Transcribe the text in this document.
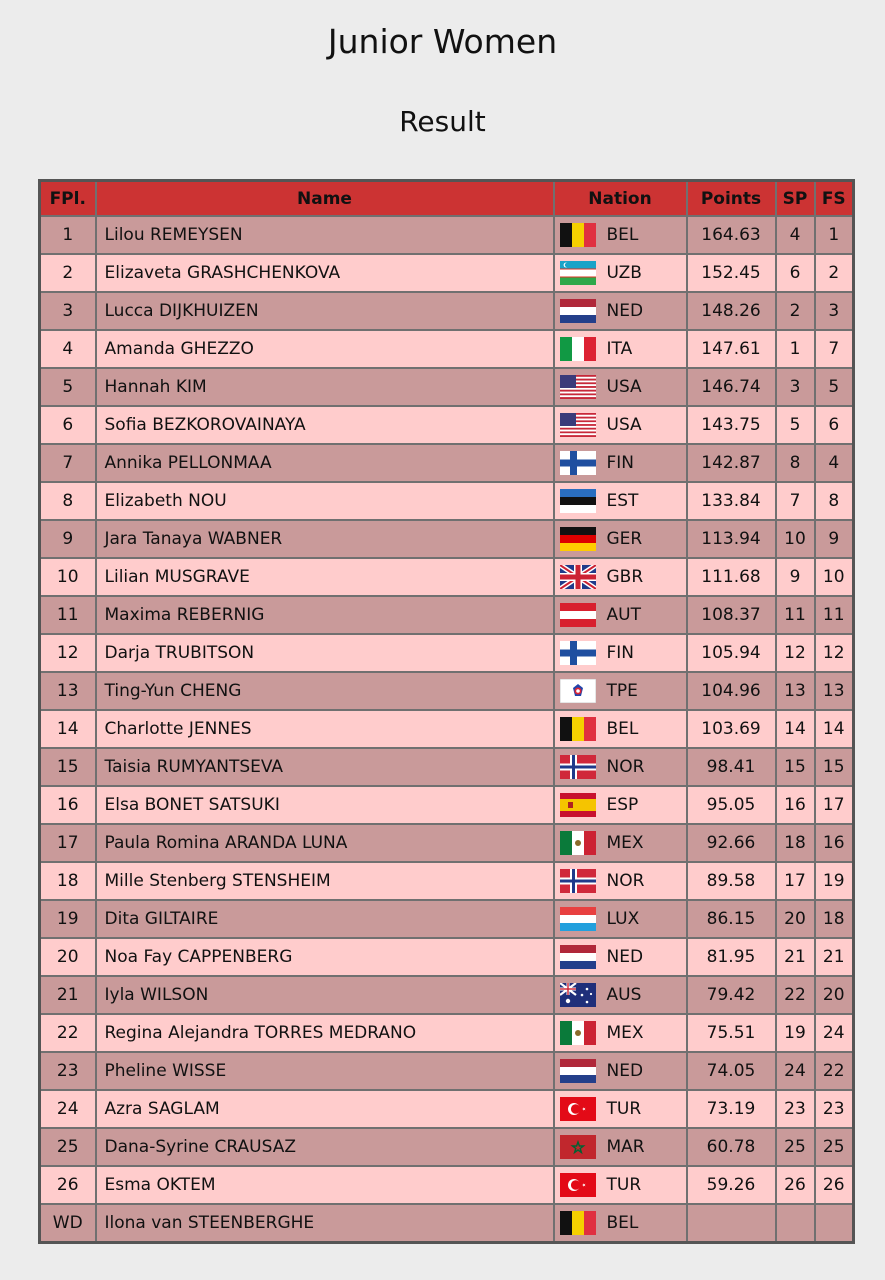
Junior Women
Result
FPl.	Name	Nation	Points	SP	FS
1	Lilou REMEYSEN	BEL	164.63	4	1
2	Elizaveta GRASHCHENKOVA	UZB	152.45	6	2
3	Lucca DIJKHUIZEN	NED	148.26	2	3
4	Amanda GHEZZO	ITA	147.61	1	7
5	Hannah KIM	USA	146.74	3	5
6	Sofia BEZKOROVAINAYA	USA	143.75	5	6
7	Annika PELLONMAA	FIN	142.87	8	4
8	Elizabeth NOU	EST	133.84	7	8
9	Jara Tanaya WABNER	GER	113.94	10	9
10	Lilian MUSGRAVE	GBR	111.68	9	10
11	Maxima REBERNIG	AUT	108.37	11	11
12	Darja TRUBITSON	FIN	105.94	12	12
13	Ting-Yun CHENG	TPE	104.96	13	13
14	Charlotte JENNES	BEL	103.69	14	14
15	Taisia RUMYANTSEVA	NOR	98.41	15	15
16	Elsa BONET SATSUKI	ESP	95.05	16	17
17	Paula Romina ARANDA LUNA	MEX	92.66	18	16
18	Mille Stenberg STENSHEIM	NOR	89.58	17	19
19	Dita GILTAIRE	LUX	86.15	20	18
20	Noa Fay CAPPENBERG	NED	81.95	21	21
21	Iyla WILSON	AUS	79.42	22	20
22	Regina Alejandra TORRES MEDRANO	MEX	75.51	19	24
23	Pheline WISSE	NED	74.05	24	22
24	Azra SAGLAM	TUR	73.19	23	23
25	Dana-Syrine CRAUSAZ	MAR	60.78	25	25
26	Esma OKTEM	TUR	59.26	26	26
WD	Ilona van STEENBERGHE	BEL			
